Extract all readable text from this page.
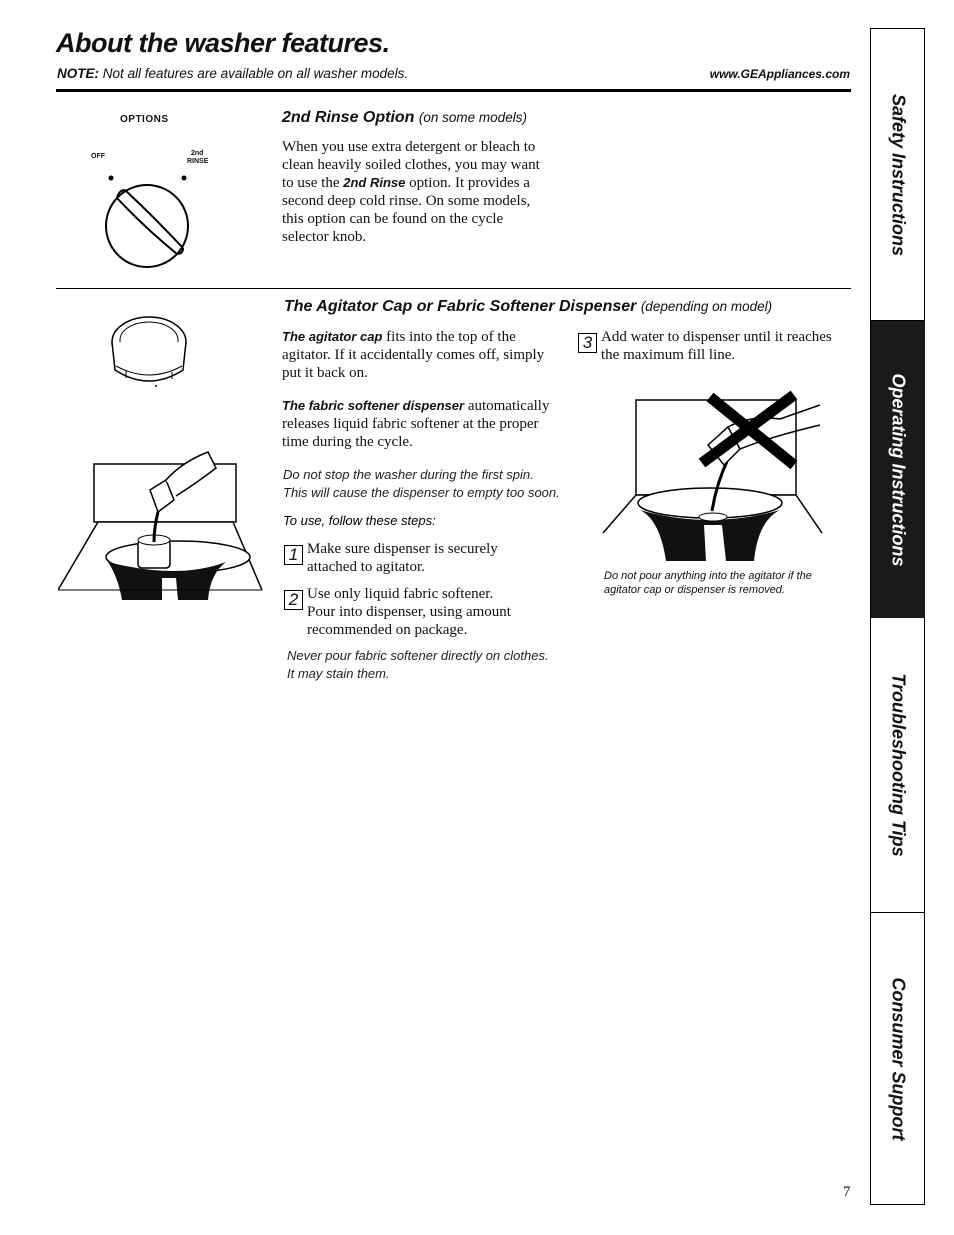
About the washer features.
NOTE: Not all features are available on all washer models.	www.GEAppliances.com
OPTIONS
OFF	2nd
RINSE
2nd Rinse Option (on some models)
When you use extra detergent or bleach to clean heavily soiled clothes, you may want to use the 2nd Rinse option. It provides a second deep cold rinse. On some models, this option can be found on the cycle selector knob.
The Agitator Cap or Fabric Softener Dispenser (depending on model)
The agitator cap fits into the top of the agitator. If it accidentally comes off, simply put it back on.
The fabric softener dispenser automatically releases liquid fabric softener at the proper time during the cycle.
Do not stop the washer during the first spin.
This will cause the dispenser to empty too soon.
To use, follow these steps:
1 Make sure dispenser is securely
attached to agitator.
2 Use only liquid fabric softener.
Pour into dispenser, using amount
recommended on package.
Never pour fabric softener directly on clothes.
It may stain them.
3 Add water to dispenser until it reaches
the maximum fill line.
Do not pour anything into the agitator if the
agitator cap or dispenser is removed.
Safety Instructions
Operating Instructions
Troubleshooting Tips
Consumer Support
7
